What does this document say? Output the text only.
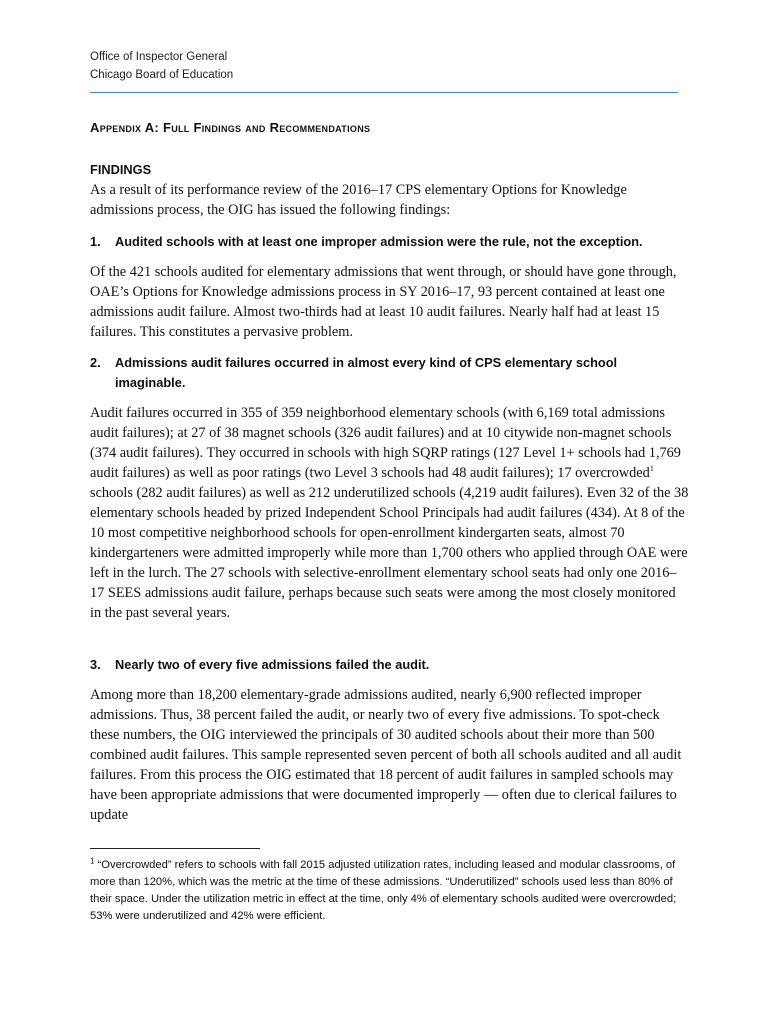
Office of Inspector General
Chicago Board of Education
Appendix A: Full Findings and Recommendations
FINDINGS
As a result of its performance review of the 2016–17 CPS elementary Options for Knowledge admissions process, the OIG has issued the following findings:
1.	Audited schools with at least one improper admission were the rule, not the exception.
Of the 421 schools audited for elementary admissions that went through, or should have gone through, OAE’s Options for Knowledge admissions process in SY 2016–17, 93 percent contained at least one admissions audit failure. Almost two-thirds had at least 10 audit failures. Nearly half had at least 15 failures. This constitutes a pervasive problem.
2.	Admissions audit failures occurred in almost every kind of CPS elementary school imaginable.
Audit failures occurred in 355 of 359 neighborhood elementary schools (with 6,169 total admissions audit failures); at 27 of 38 magnet schools (326 audit failures) and at 10 citywide non-magnet schools (374 audit failures). They occurred in schools with high SQRP ratings (127 Level 1+ schools had 1,769 audit failures) as well as poor ratings (two Level 3 schools had 48 audit failures); 17 overcrowded$^1$ schools (282 audit failures) as well as 212 underutilized schools (4,219 audit failures). Even 32 of the 38 elementary schools headed by prized Independent School Principals had audit failures (434). At 8 of the 10 most competitive neighborhood schools for open-enrollment kindergarten seats, almost 70 kindergarteners were admitted improperly while more than 1,700 others who applied through OAE were left in the lurch. The 27 schools with selective-enrollment elementary school seats had only one 2016–17 SEES admissions audit failure, perhaps because such seats were among the most closely monitored in the past several years.
3.	Nearly two of every five admissions failed the audit.
Among more than 18,200 elementary-grade admissions audited, nearly 6,900 reflected improper admissions. Thus, 38 percent failed the audit, or nearly two of every five admissions. To spot-check these numbers, the OIG interviewed the principals of 30 audited schools about their more than 500 combined audit failures. This sample represented seven percent of both all schools audited and all audit failures. From this process the OIG estimated that 18 percent of audit failures in sampled schools may have been appropriate admissions that were documented improperly — often due to clerical failures to update
$^1$ “Overcrowded” refers to schools with fall 2015 adjusted utilization rates, including leased and modular classrooms, of more than 120%, which was the metric at the time of these admissions. “Underutilized” schools used less than 80% of their space. Under the utilization metric in effect at the time, only 4% of elementary schools audited were overcrowded; 53% were underutilized and 42% were efficient.
